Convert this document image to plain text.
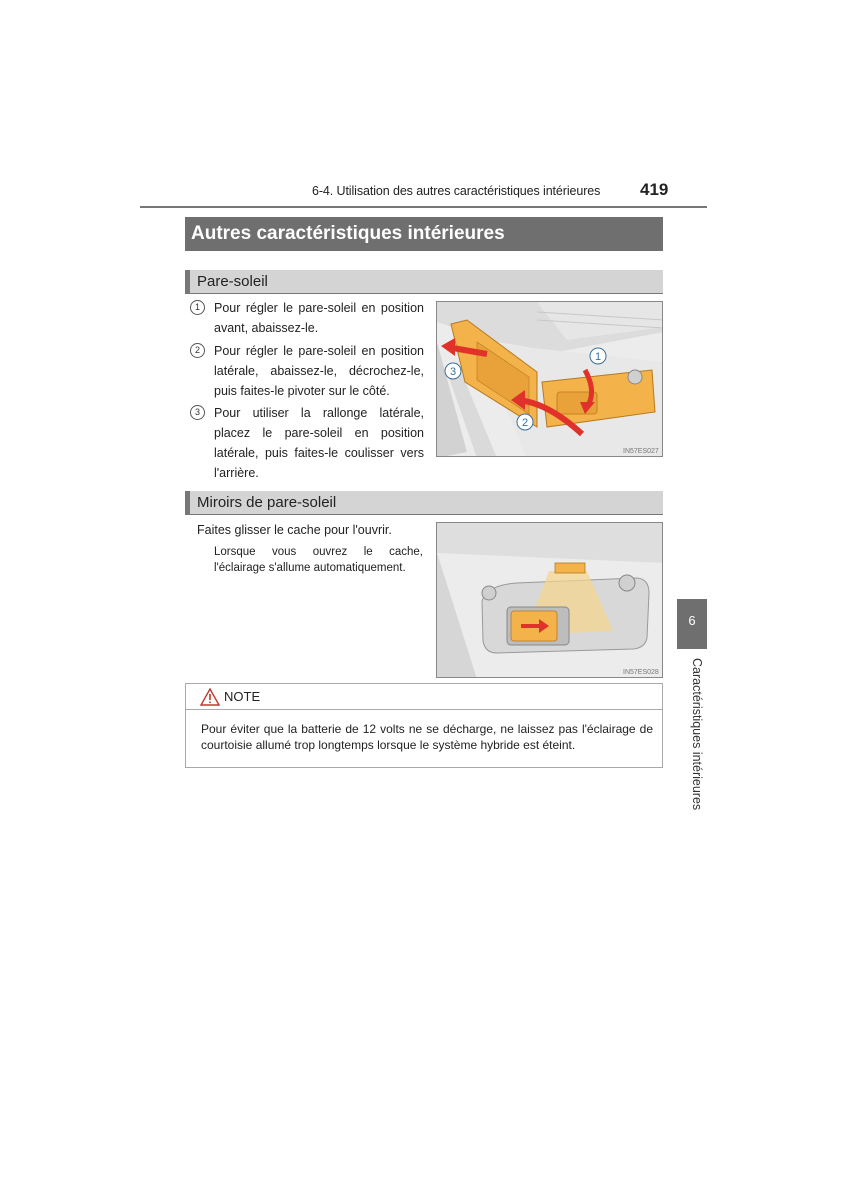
6-4. Utilisation des autres caractéristiques intérieures 419
Autres caractéristiques intérieures
Pare-soleil
1	Pour régler le pare-soleil en position avant, abaissez-le.
2	Pour régler le pare-soleil en position latérale, abaissez-le, décrochez-le, puis faites-le pivoter sur le côté.
3	Pour utiliser la rallonge latérale, placez le pare-soleil en position latérale, puis faites-le coulisser vers l'arrière.
1
2
3
IN57ES027
Miroirs de pare-soleil
Faites glisser le cache pour l'ouvrir.
Lorsque vous ouvrez le cache, l'éclairage s'allume automatiquement.
IN57ES028
NOTE
Pour éviter que la batterie de 12 volts ne se décharge, ne laissez pas l'éclairage de courtoisie allumé trop longtemps lorsque le système hybride est éteint.
6
Caractéristiques intérieures
